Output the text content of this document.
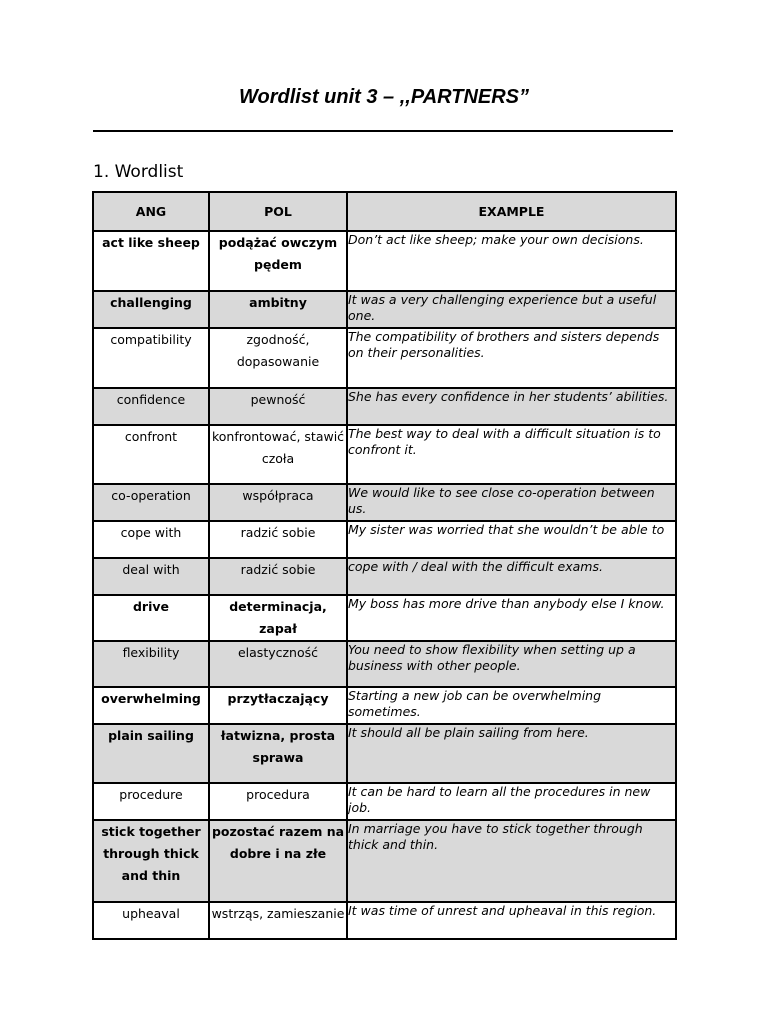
Wordlist unit 3 – ,,PARTNERS”
1. Wordlist
ANG	POL	EXAMPLE
act like sheep	podążać owczym pędem	Don’t act like sheep; make your own decisions.
challenging	ambitny	It was a very challenging experience but a useful one.
compatibility	zgodność, dopasowanie	The compatibility of brothers and sisters depends on their personalities.
confidence	pewność	She has every confidence in her students’ abilities.
confront	konfrontować, stawić czoła	The best way to deal with a difficult situation is to confront it.
co-operation	współpraca	We would like to see close co-operation between us.
cope with	radzić sobie	My sister was worried that she wouldn’t be able to
deal with	radzić sobie	cope with / deal with the difficult exams.
drive	determinacja, zapał	My boss has more drive than anybody else I know.
flexibility	elastyczność	You need to show flexibility when setting up a business with other people.
overwhelming	przytłaczający	Starting a new job can be overwhelming sometimes.
plain sailing	łatwizna, prosta sprawa	It should all be plain sailing from here.
procedure	procedura	It can be hard to learn all the procedures in new job.
stick together through thick and thin	pozostać razem na dobre i na złe	In marriage you have to stick together through thick and thin.
upheaval	wstrząs, zamieszanie	It was time of unrest and upheaval in this region.
